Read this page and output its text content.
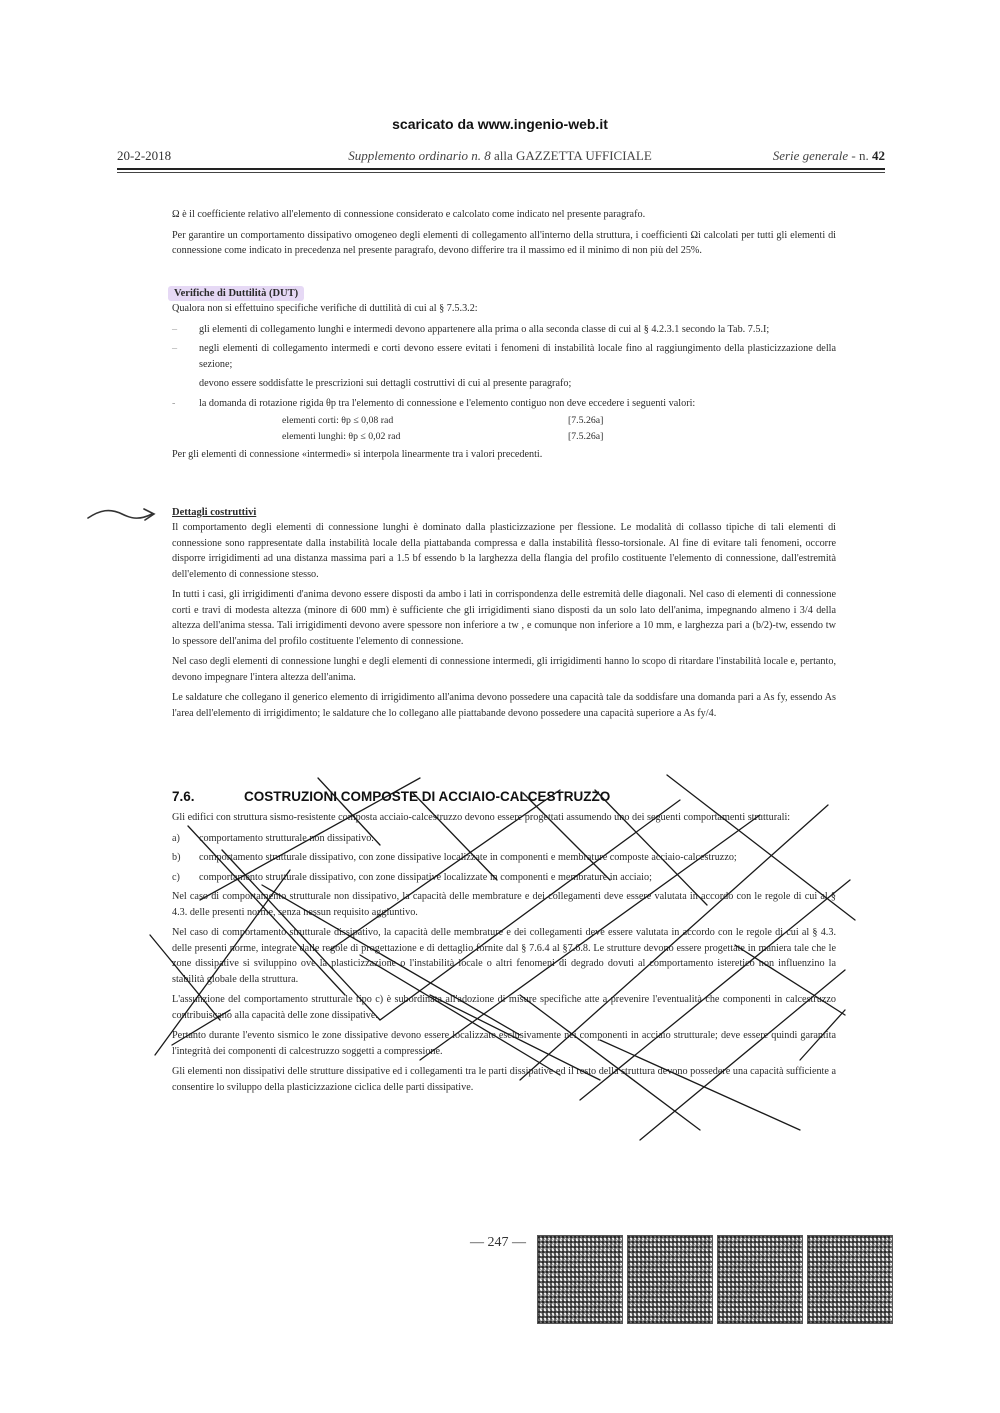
scaricato da www.ingenio-web.it
20-2-2018	Supplemento ordinario n. 8 alla GAZZETTA UFFICIALE	Serie generale - n. 42

Ω è il coefficiente relativo all'elemento di connessione considerato e calcolato come indicato nel presente paragrafo.

Per garantire un comportamento dissipativo omogeneo degli elementi di collegamento all'interno della struttura, i coefficienti Ωi calcolati per tutti gli elementi di connessione come indicato in precedenza nel presente paragrafo, devono differire tra il massimo ed il minimo di non più del 25%.

Verifiche di Duttilità (DUT)

Qualora non si effettuino specifiche verifiche di duttilità di cui al § 7.5.3.2:

– gli elementi di collegamento lunghi e intermedi devono appartenere alla prima o alla seconda classe di cui al § 4.2.3.1 secondo la Tab. 7.5.I;
– negli elementi di collegamento intermedi e corti devono essere evitati i fenomeni di instabilità locale fino al raggiungimento della plasticizzazione della sezione;
devono essere soddisfatte le prescrizioni sui dettagli costruttivi di cui al presente paragrafo;
- la domanda di rotazione rigida θp tra l'elemento di connessione e l'elemento contiguo non deve eccedere i seguenti valori:
elementi corti: θp ≤ 0,08 rad	[7.5.26a]
elementi lunghi: θp ≤ 0,02 rad	[7.5.26a]

Per gli elementi di connessione «intermedi» si interpola linearmente tra i valori precedenti.

Dettagli costruttivi

Il comportamento degli elementi di connessione lunghi è dominato dalla plasticizzazione per flessione. Le modalità di collasso tipiche di tali elementi di connessione sono rappresentate dalla instabilità locale della piattabanda compressa e dalla instabilità flesso-torsionale. Al fine di evitare tali fenomeni, occorre disporre irrigidimenti ad una distanza massima pari a 1.5 bf essendo b la larghezza della flangia del profilo costituente l'elemento di connessione, dall'estremità dell'elemento di connessione stesso.

In tutti i casi, gli irrigidimenti d'anima devono essere disposti da ambo i lati in corrispondenza delle estremità delle diagonali. Nel caso di elementi di connessione corti e travi di modesta altezza (minore di 600 mm) è sufficiente che gli irrigidimenti siano disposti da un solo lato dell'anima, impegnando almeno i 3/4 della altezza dell'anima stessa. Tali irrigidimenti devono avere spessore non inferiore a tw , e comunque non inferiore a 10 mm, e larghezza pari a (b/2)-tw, essendo tw lo spessore dell'anima del profilo costituente l'elemento di connessione.

Nel caso degli elementi di connessione lunghi e degli elementi di connessione intermedi, gli irrigidimenti hanno lo scopo di ritardare l'instabilità locale e, pertanto, devono impegnare l'intera altezza dell'anima.

Le saldature che collegano il generico elemento di irrigidimento all'anima devono possedere una capacità tale da soddisfare una domanda pari a As fy, essendo As l'area dell'elemento di irrigidimento; le saldature che lo collegano alle piattabande devono possedere una capacità superiore a As fy/4.

7.6.	COSTRUZIONI COMPOSTE DI ACCIAIO-CALCESTRUZZO

Gli edifici con struttura sismo-resistente composta acciaio-calcestruzzo devono essere progettati assumendo uno dei seguenti comportamenti strutturali:

a) comportamento strutturale non dissipativo.
b) comportamento strutturale dissipativo, con zone dissipative localizzate in componenti e membrature composte acciaio-calcestruzzo;
c) comportamento strutturale dissipativo, con zone dissipative localizzate in componenti e membrature in acciaio;

Nel caso di comportamento strutturale non dissipativo, la capacità delle membrature e dei collegamenti deve essere valutata in accordo con le regole di cui al § 4.3. delle presenti norme, senza nessun requisito aggiuntivo.

Nel caso di comportamento strutturale dissipativo, la capacità delle membrature e dei collegamenti deve essere valutata in accordo con le regole di cui al § 4.3. delle presenti norme, integrate dalle regole di progettazione e di dettaglio fornite dal § 7.6.4 al §7.6.8. Le strutture devono essere progettate in maniera tale che le zone dissipative si sviluppino ove la plasticizzazione o l'instabilità locale o altri fenomeni di degrado dovuti al comportamento isteretico non influenzino la stabilità globale della struttura.

L'assunzione del comportamento strutturale tipo c) è subordinata all'adozione di misure specifiche atte a prevenire l'eventualità che componenti in calcestruzzo contribuiscano alla capacità delle zone dissipative.

Pertanto durante l'evento sismico le zone dissipative devono essere localizzate esclusivamente nei componenti in acciaio strutturale; deve essere quindi garantita l'integrità dei componenti di calcestruzzo soggetti a compressione.

Gli elementi non dissipativi delle strutture dissipative ed i collegamenti tra le parti dissipative ed il resto della struttura devono possedere una capacità sufficiente a consentire lo sviluppo della plasticizzazione ciclica delle parti dissipative.

— 247 —
